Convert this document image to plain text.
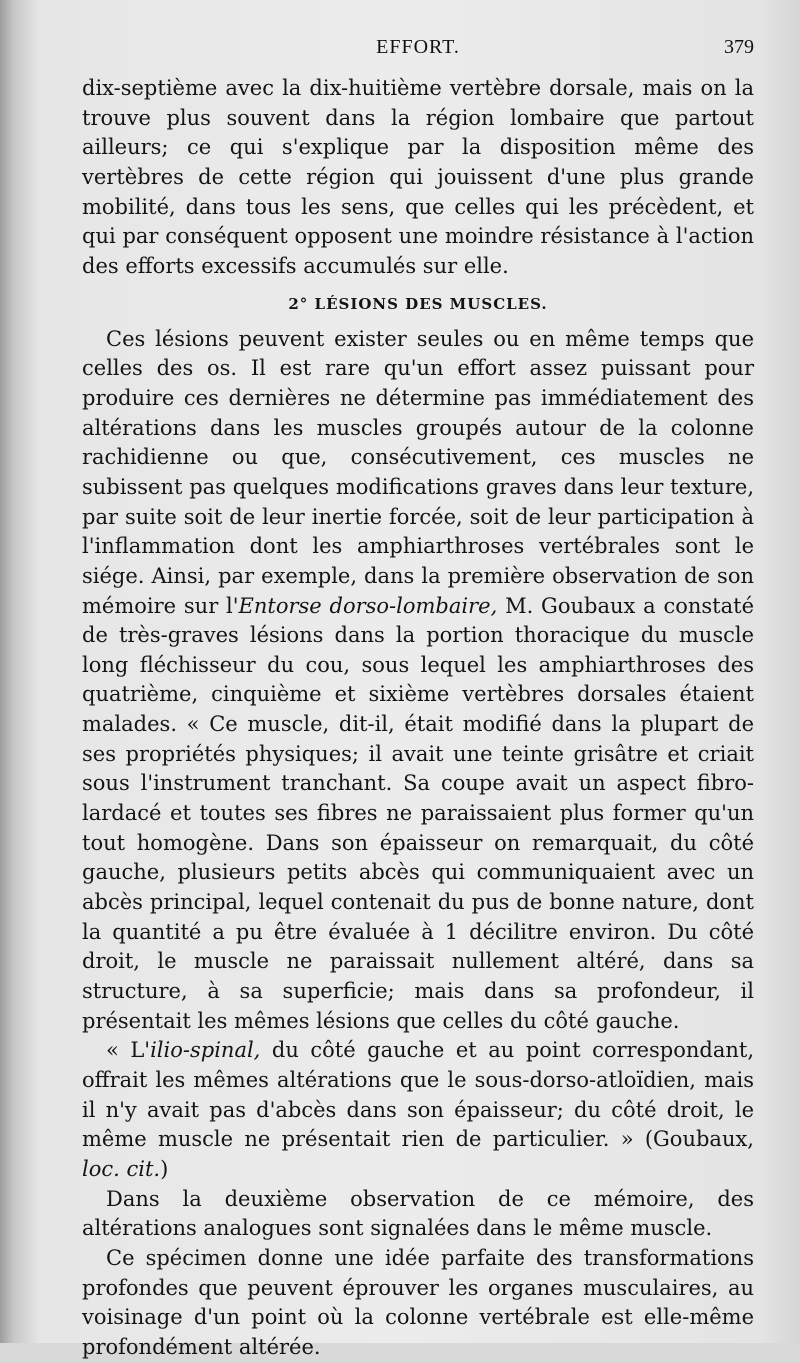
EFFORT.	379

dix-septième avec la dix-huitième vertèbre dorsale, mais on la trouve plus souvent dans la région lombaire que partout ailleurs; ce qui s'explique par la disposition même des vertèbres de cette région qui jouissent d'une plus grande mobilité, dans tous les sens, que celles qui les précèdent, et qui par conséquent opposent une moindre résistance à l'action des efforts excessifs accumulés sur elle.

2° LÉSIONS DES MUSCLES.

Ces lésions peuvent exister seules ou en même temps que celles des os. Il est rare qu'un effort assez puissant pour produire ces dernières ne détermine pas immédiatement des altérations dans les muscles groupés autour de la colonne rachidienne ou que, consécutivement, ces muscles ne subissent pas quelques modifications graves dans leur texture, par suite soit de leur inertie forcée, soit de leur participation à l'inflammation dont les amphiarthroses vertébrales sont le siége. Ainsi, par exemple, dans la première observation de son mémoire sur l'Entorse dorso-lombaire, M. Goubaux a constaté de très-graves lésions dans la portion thoracique du muscle long fléchisseur du cou, sous lequel les amphiarthroses des quatrième, cinquième et sixième vertèbres dorsales étaient malades. « Ce muscle, dit-il, était modifié dans la plupart de ses propriétés physiques; il avait une teinte grisâtre et criait sous l'instrument tranchant. Sa coupe avait un aspect fibro-lardacé et toutes ses fibres ne paraissaient plus former qu'un tout homogène. Dans son épaisseur on remarquait, du côté gauche, plusieurs petits abcès qui communiquaient avec un abcès principal, lequel contenait du pus de bonne nature, dont la quantité a pu être évaluée à 1 décilitre environ. Du côté droit, le muscle ne paraissait nullement altéré, dans sa structure, à sa superficie; mais dans sa profondeur, il présentait les mêmes lésions que celles du côté gauche.

« L'ilio-spinal, du côté gauche et au point correspondant, offrait les mêmes altérations que le sous-dorso-atloïdien, mais il n'y avait pas d'abcès dans son épaisseur; du côté droit, le même muscle ne présentait rien de particulier. » (Goubaux, loc. cit.)

Dans la deuxième observation de ce mémoire, des altérations analogues sont signalées dans le même muscle.

Ce spécimen donne une idée parfaite des transformations profondes que peuvent éprouver les organes musculaires, au voisinage d'un point où la colonne vertébrale est elle-même profondément altérée.
